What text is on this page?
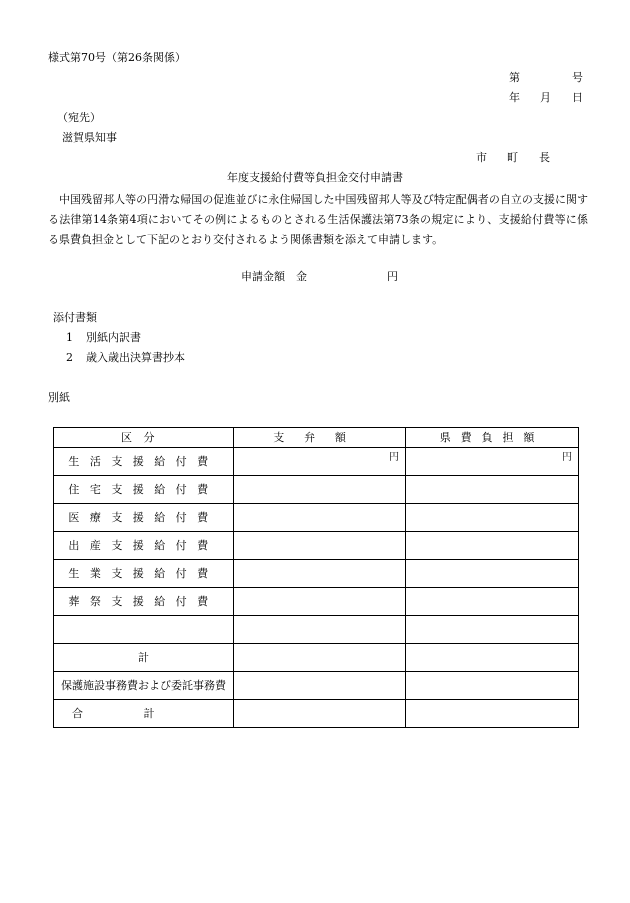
様式第70号（第26条関係）
第	号
年 月 日
（宛先）
滋賀県知事
市 町 長
年度支援給付費等負担金交付申請書
中国残留邦人等の円滑な帰国の促進並びに永住帰国した中国残留邦人等及び特定配偶者の自立の支援に関する法律第14条第4項においてその例によるものとされる生活保護法第73条の規定により、支援給付費等に係る県費負担金として下記のとおり交付されるよう関係書類を添えて申請します。
申請金額　金	円
添付書類
1 別紙内訳書
2 歳入歳出決算書抄本
別紙
区分	支弁額	県費負担額
生活支援給付費	円	円
住宅支援給付費		
医療支援給付費		
出産支援給付費		
生業支援給付費		
葬祭支援給付費		

計		
保護施設事務費および委託事務費		
合計		
